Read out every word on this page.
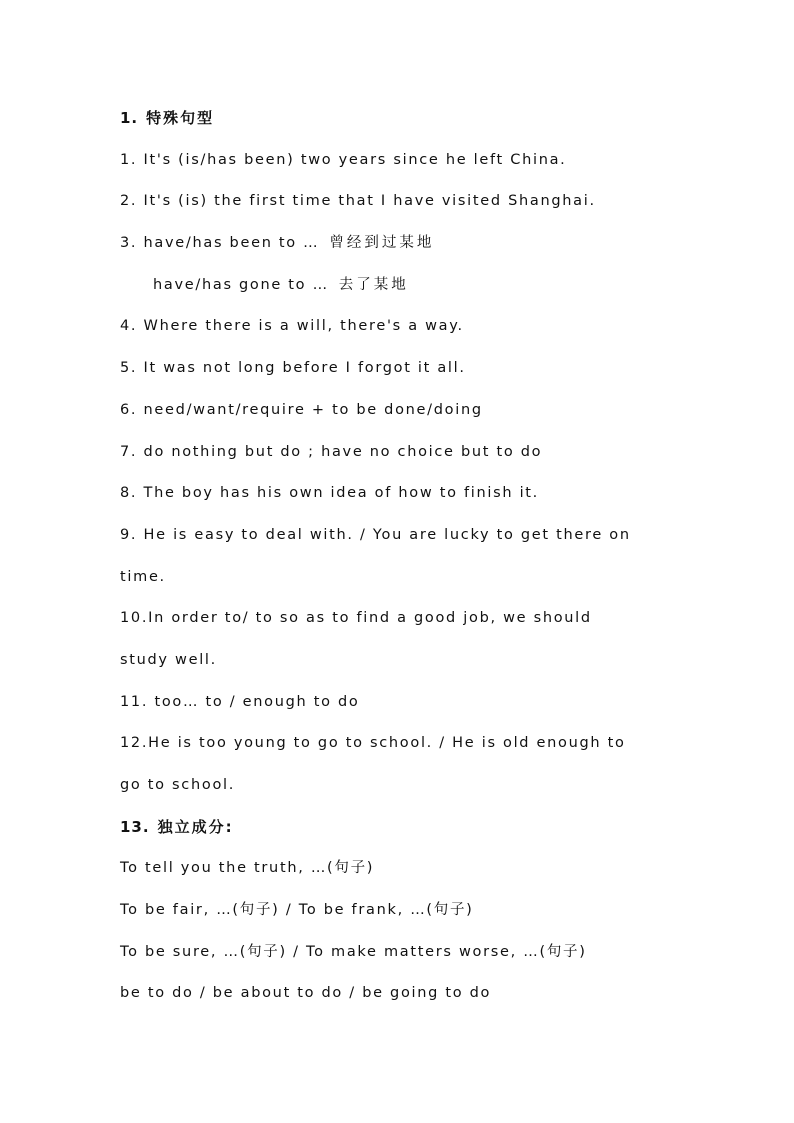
1. 特殊句型
1. It's (is/has been) two years since he left China.
2. It's (is) the first time that I have visited Shanghai.
3. have/has been to … 曾经到过某地
have/has gone to … 去了某地
4. Where there is a will, there's a way.
5. It was not long before I forgot it all.
6. need/want/require + to be done/doing
7. do nothing but do ; have no choice but to do
8. The boy has his own idea of how to finish it.
9. He is easy to deal with. / You are lucky to get there on
time.
10.In order to/ to so as to find a good job, we should
study well.
11. too… to / enough to do
12.He is too young to go to school. / He is old enough to
go to school.
13. 独立成分:
To tell you the truth, …(句子)
To be fair, …(句子) / To be frank, …(句子)
To be sure, …(句子) / To make matters worse, …(句子)
be to do / be about to do / be going to do
